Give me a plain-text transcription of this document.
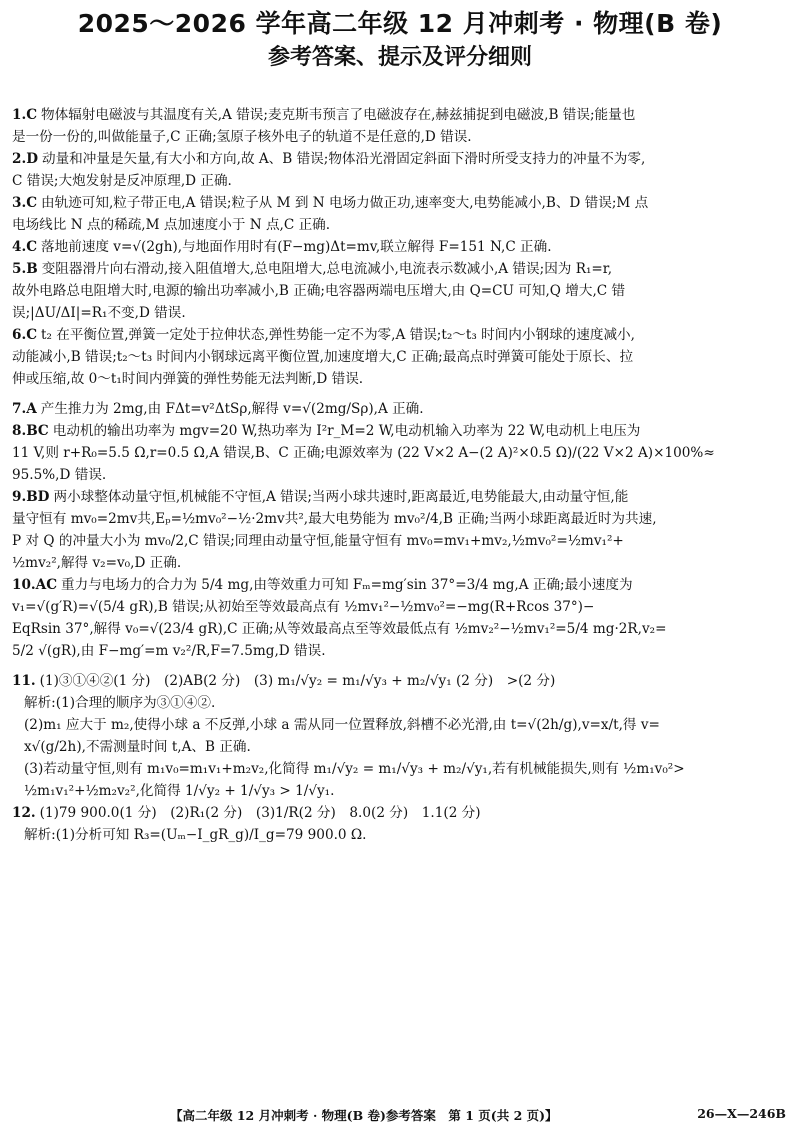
2025～2026 学年高二年级 12 月冲刺考 · 物理(B 卷)
参考答案、提示及评分细则
1.C 物体辐射电磁波与其温度有关,A 错误;麦克斯韦预言了电磁波存在,赫兹捕捉到电磁波,B 错误;能量也
是一份一份的,叫做能量子,C 正确;氢原子核外电子的轨道不是任意的,D 错误.
2.D 动量和冲量是矢量,有大小和方向,故 A、B 错误;物体沿光滑固定斜面下滑时所受支持力的冲量不为零,
C 错误;大炮发射是反冲原理,D 正确.
3.C 由轨迹可知,粒子带正电,A 错误;粒子从 M 到 N 电场力做正功,速率变大,电势能减小,B、D 错误;M 点
电场线比 N 点的稀疏,M 点加速度小于 N 点,C 正确.
4.C 落地前速度 v=√(2gh),与地面作用时有(F−mg)Δt=mv,联立解得 F=151 N,C 正确.
5.B 变阻器滑片向右滑动,接入阻值增大,总电阻增大,总电流减小,电流表示数减小,A 错误;因为 R₁=r,
故外电路总电阻增大时,电源的输出功率减小,B 正确;电容器两端电压增大,由 Q=CU 可知,Q 增大,C 错
误;|ΔU/ΔI|=R₁不变,D 错误.
6.C t₂ 在平衡位置,弹簧一定处于拉伸状态,弹性势能一定不为零,A 错误;t₂～t₃ 时间内小钢球的速度减小,
动能减小,B 错误;t₂～t₃ 时间内小钢球远离平衡位置,加速度增大,C 正确;最高点时弹簧可能处于原长、拉
伸或压缩,故 0～t₁时间内弹簧的弹性势能无法判断,D 错误.
7.A 产生推力为 2mg,由 FΔt=v²ΔtSρ,解得 v=√(2mg/Sρ),A 正确.
8.BC 电动机的输出功率为 mgv=20 W,热功率为 I²r_M=2 W,电动机输入功率为 22 W,电动机上电压为
11 V,则 r+R₀=5.5 Ω,r=0.5 Ω,A 错误,B、C 正确;电源效率为 (22 V×2 A−(2 A)²×0.5 Ω)/(22 V×2 A)×100%≈
95.5%,D 错误.
9.BD 两小球整体动量守恒,机械能不守恒,A 错误;当两小球共速时,距离最近,电势能最大,由动量守恒,能
量守恒有 mv₀=2mv共,Eₚ=½mv₀²−½·2mv共²,最大电势能为 mv₀²/4,B 正确;当两小球距离最近时为共速,
P 对 Q 的冲量大小为 mv₀/2,C 错误;同理由动量守恒,能量守恒有 mv₀=mv₁+mv₂,½mv₀²=½mv₁²+
½mv₂²,解得 v₂=v₀,D 正确.
10.AC 重力与电场力的合力为 5/4 mg,由等效重力可知 Fₘ=mg′sin 37°=3/4 mg,A 正确;最小速度为
v₁=√(g′R)=√(5/4 gR),B 错误;从初始至等效最高点有 ½mv₁²−½mv₀²=−mg(R+Rcos 37°)−
EqRsin 37°,解得 v₀=√(23/4 gR),C 正确;从等效最高点至等效最低点有 ½mv₂²−½mv₁²=5/4 mg·2R,v₂=
5/2 √(gR),由 F−mg′=m v₂²/R,F=7.5mg,D 错误.
11. (1)③①④②(1 分)　(2)AB(2 分)　(3) m₁/√y₂ = m₁/√y₃ + m₂/√y₁ (2 分)　>(2 分)
解析:(1)合理的顺序为③①④②.
(2)m₁ 应大于 m₂,使得小球 a 不反弹,小球 a 需从同一位置释放,斜槽不必光滑,由 t=√(2h/g),v=x/t,得 v=
x√(g/2h),不需测量时间 t,A、B 正确.
(3)若动量守恒,则有 m₁v₀=m₁v₁+m₂v₂,化简得 m₁/√y₂ = m₁/√y₃ + m₂/√y₁,若有机械能损失,则有 ½m₁v₀²>
½m₁v₁²+½m₂v₂²,化简得 1/√y₂ + 1/√y₃ > 1/√y₁.
12. (1)79 900.0(1 分)　(2)R₁(2 分)　(3)1/R(2 分)　8.0(2 分)　1.1(2 分)
解析:(1)分析可知 R₃=(Uₘ−I_gR_g)/I_g=79 900.0 Ω.
【高二年级 12 月冲刺考 · 物理(B 卷)参考答案　第 1 页(共 2 页)】	26—X—246B
